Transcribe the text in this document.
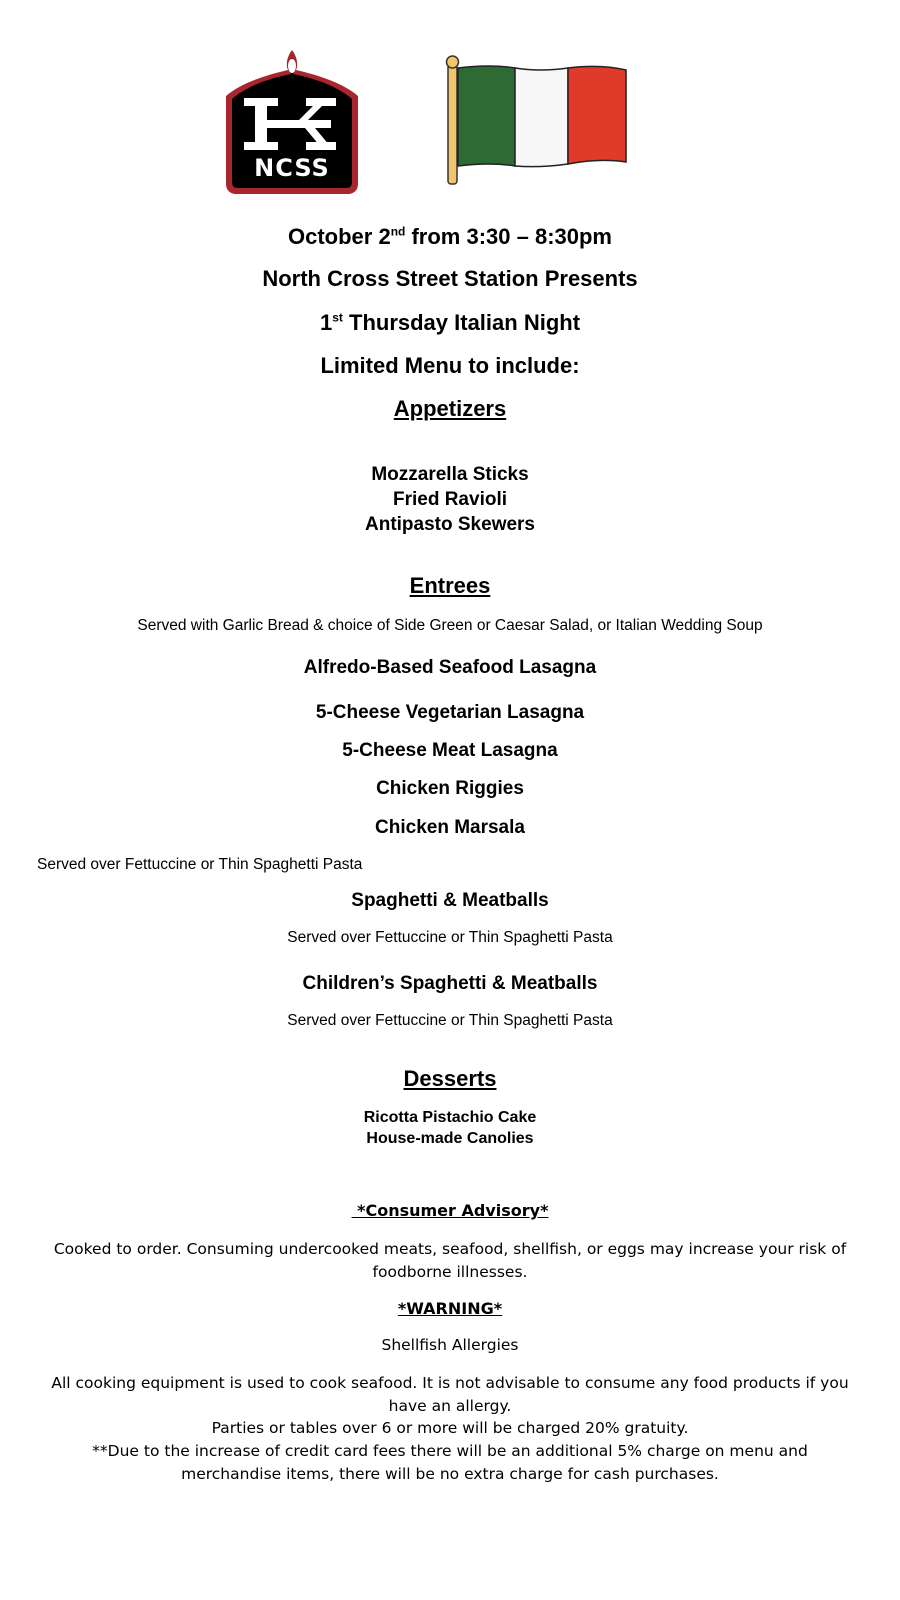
NCSS
October 2nd from 3:30 – 8:30pm
North Cross Street Station Presents
1st Thursday Italian Night
Limited Menu to include:
Appetizers
Mozzarella Sticks
Fried Ravioli
Antipasto Skewers
Entrees
Served with Garlic Bread & choice of Side Green or Caesar Salad, or Italian Wedding Soup
Alfredo-Based Seafood Lasagna
5-Cheese Vegetarian Lasagna
5-Cheese Meat Lasagna
Chicken Riggies
Chicken Marsala
Served over Fettuccine or Thin Spaghetti Pasta
Spaghetti & Meatballs
Served over Fettuccine or Thin Spaghetti Pasta
Children’s Spaghetti & Meatballs
Served over Fettuccine or Thin Spaghetti Pasta
Desserts
Ricotta Pistachio Cake
House-made Canolies
*Consumer Advisory*
Cooked to order. Consuming undercooked meats, seafood, shellfish, or eggs may increase your risk of foodborne illnesses.
*WARNING*
Shellfish Allergies
All cooking equipment is used to cook seafood. It is not advisable to consume any food products if you have an allergy.
Parties or tables over 6 or more will be charged 20% gratuity.
**Due to the increase of credit card fees there will be an additional 5% charge on menu and merchandise items, there will be no extra charge for cash purchases.
